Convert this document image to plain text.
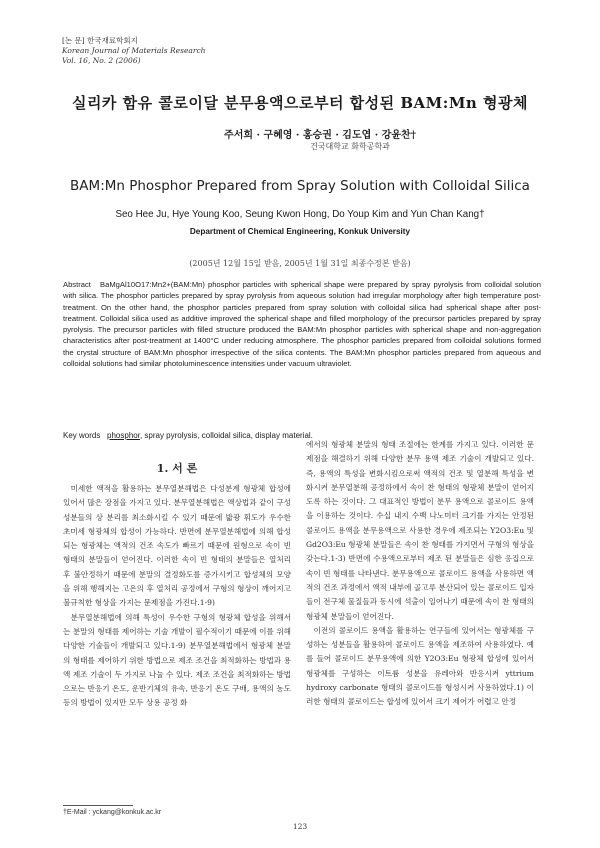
[논 문] 한국재료학회지
Korean Journal of Materials Research
Vol. 16, No. 2 (2006)
실리카 함유 콜로이달 분무용액으로부터 합성된 BAM:Mn 형광체
주서희 · 구혜영 · 홍승권 · 김도엽 · 강윤찬†
건국대학교 화학공학과
BAM:Mn Phosphor Prepared from Spray Solution with Colloidal Silica
Seo Hee Ju, Hye Young Koo, Seung Kwon Hong, Do Youp Kim and Yun Chan Kang†
Department of Chemical Engineering, Konkuk University
(2005년 12월 15일 받음, 2005년 1월 31일 최종수정본 받음)
Abstract BaMgAl10O17:Mn2+(BAM:Mn) phosphor particles with spherical shape were prepared by spray pyrolysis from colloidal solution with silica. The phosphor particles prepared by spray pyrolysis from aqueous solution had irregular morphology after high temperature post-treatment. On the other hand, the phosphor particles prepared from spray solution with colloidal silica had spherical shape after post-treatment. Colloidal silica used as additive improved the spherical shape and filled morphology of the precursor particles prepared by spray pyrolysis. The precursor particles with filled structure produced the BAM:Mn phosphor particles with spherical shape and non-aggregation characteristics after post-treatment at 1400°C under reducing atmosphere. The phosphor particles prepared from colloidal solutions formed the crystal structure of BAM:Mn phosphor irrespective of the silica contents. The BAM:Mn phosphor particles prepared from aqueous and colloidal solutions had similar photoluminescence intensities under vacuum ultraviolet.
Key words phosphor, spray pyrolysis, colloidal silica, display material.
1. 서 론

미세한 액적을 활용하는 분무열분해법은 다성분계 형광체 합성에 있어서 많은 장점을 가지고 있다. 분무열분해법은 액상법과 같이 구성 성분들의 상 분리를 최소화시킬 수 있기 때문에 밟광 휘도가 우수한 초미세 형광체의 합성이 가능하다. 반면에 분무열분해법에 의해 합성되는 형광체는 액적의 건조 속도가 빠르기 때문에 원형으로 속이 빈 형태의 분말들이 얻어진다. 이러한 속이 빈 형태의 분말들은 열처리 후 불안정하기 때문에 분말의 결정화도를 증가시키고 합성체의 모양을 위해 행해지는 고온의 후 열처리 공정에서 구형의 형상이 깨어지고 불규칙한 형상을 가지는 문제점을 가진다.1-9)

분무열분해법에 의해 특성이 우수한 구형의 형광체 합성을 위해서는 분말의 형태를 제어하는 기술 개발이 필수적이기 때문에 이를 위해 다양한 기술들이 개발되고 있다.1-9) 분무열분해법에서 형광체 분말의 형태를 제어하기 위한 방법으로 제조 조건을 최적화하는 방법과 용액 제조 기술이 두 가지로 나눌 수 있다. 제조 조건을 최적화하는 방법으로는 반응기 온도, 운반기체의 유속, 반응기 온도 구배, 용액의 농도 등의 방법이 있지만 모두 상용 공정 화

에서의 형광체 분말의 형태 조절에는 한계를 가지고 있다. 이러한 문제점을 해결하기 위해 다양한 분무 용액 제조 기술이 개발되고 있다. 즉, 용액의 특성을 변화시킴으로써 액적의 건조 및 열분해 특성을 변화시켜 분무열분해 공정하에서 속이 찬 형태의 형광체 분말이 얻어지도록 하는 것이다. 그 대표적인 방법이 분무 용액으로 콜로이드 용액을 이용하는 것이다. 수십 내지 수백 나노미터 크기를 가지는 안정된 콜로이드 용액을 분무용액으로 사용한 경우에 제조되는 Y2O3:Eu 및 Gd2O3:Eu 형광체 분말들은 속이 찬 형태를 가지면서 구형의 형상을 갖는다.1-3) 반면에 수용액으로부터 제조 된 분말들은 심한 응집으로 속이 빈 형태를 나타낸다. 분무용액으로 콜로이드 용액을 사용하면 액적의 건조 과정에서 액적 내부에 골고루 분산되어 있는 콜로이드 입자들이 전구체 물질들과 동시에 석출이 일어나기 때문에 속이 찬 형태의 형광체 분말들이 얻어진다.

이전의 콜로이드 용액을 활용하는 연구들에 있어서는 형광체를 구성하는 성분들을 활용하여 콜로이드 용액을 제조하여 사용하였다. 예를 들어 콜로이드 분무용액에 의한 Y2O3:Eu 형광체 합성에 있어서 형광체를 구성하는 이트륨 성분을 유레아와 반응시켜 yttrium hydroxy carbonate 형태의 콜로이드를 형성시켜 사용하였다.1) 이러한 형태의 콜로이드는 합성에 있어서 크기 제어가 어렵고 안정

†E-Mail : yckang@konkuk.ac.kr
123
